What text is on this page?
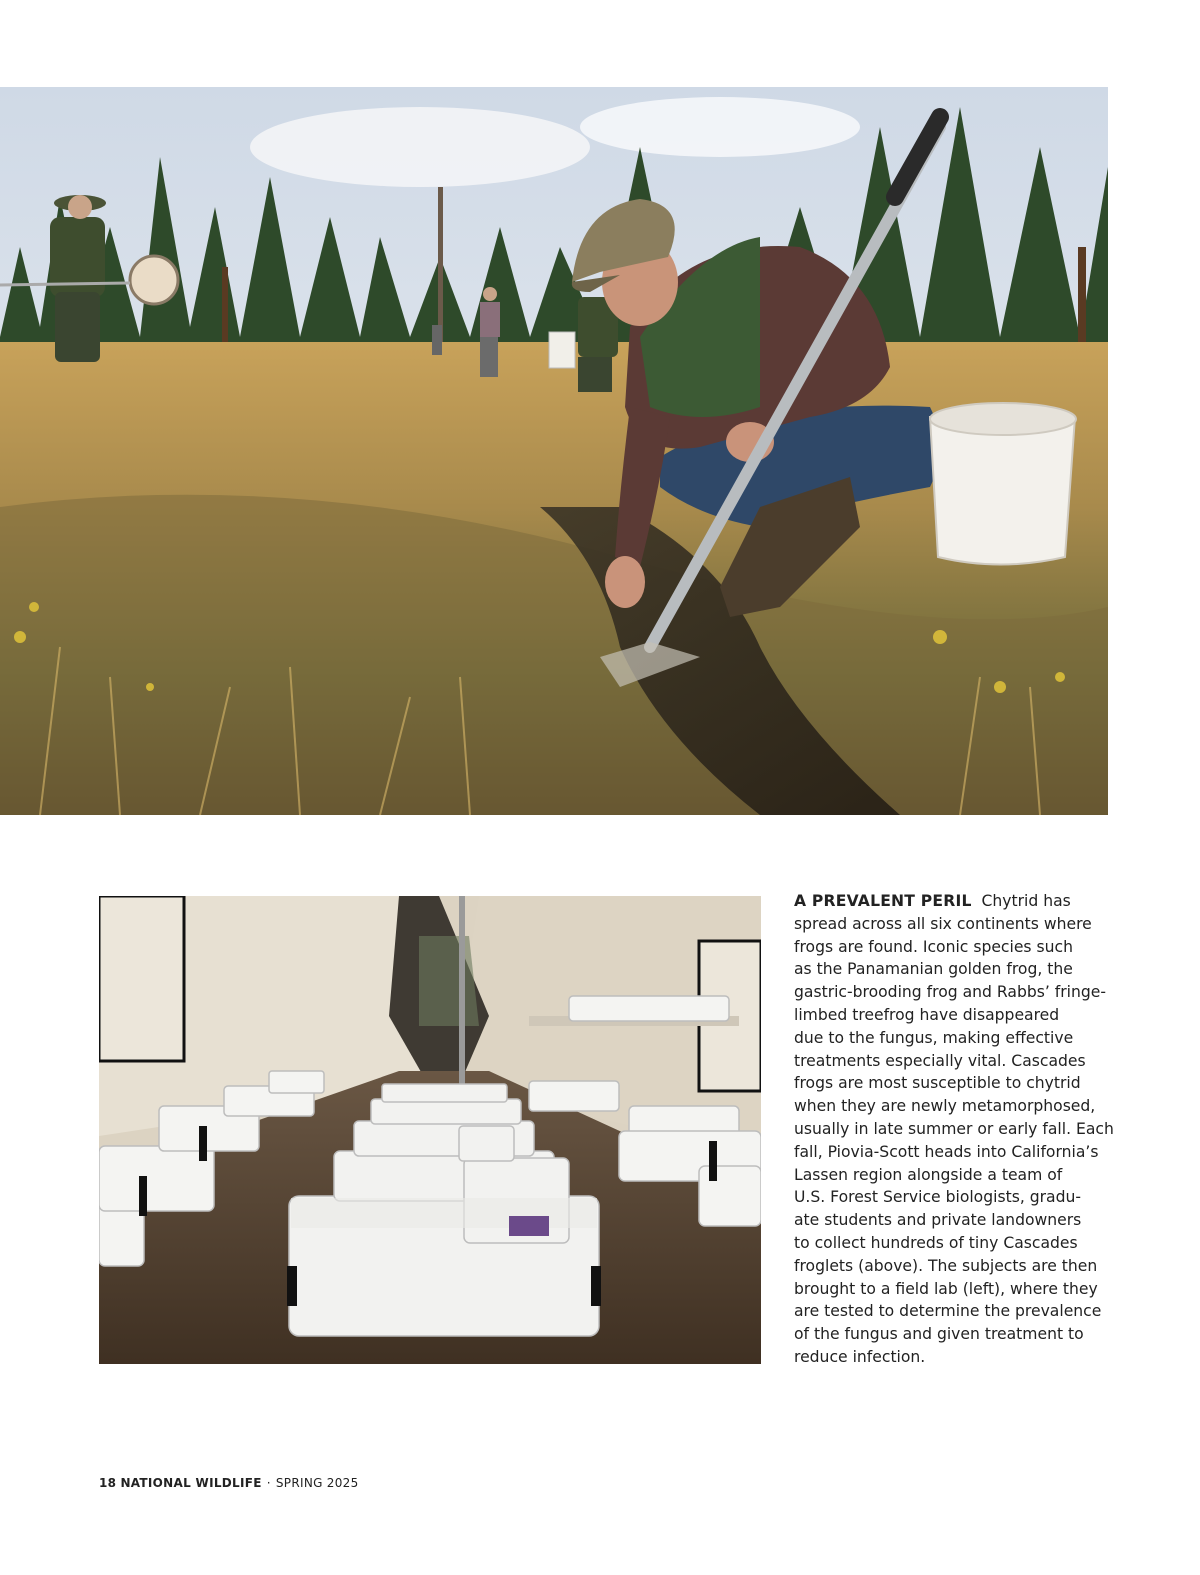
A PREVALENT PERIL Chytrid has
spread across all six continents where
frogs are found. Iconic species such
as the Panamanian golden frog, the
gastric-brooding frog and Rabbs’ fringe-
limbed treefrog have disappeared
due to the fungus, making effective
treatments especially vital. Cascades
frogs are most susceptible to chytrid
when they are newly metamorphosed,
usually in late summer or early fall. Each
fall, Piovia-Scott heads into California’s
Lassen region alongside a team of
U.S. Forest Service biologists, gradu-
ate students and private landowners
to collect hundreds of tiny Cascades
froglets (above). The subjects are then
brought to a field lab (left), where they
are tested to determine the prevalence
of the fungus and given treatment to
reduce infection.
18 NATIONAL WILDLIFE · SPRING 2025
